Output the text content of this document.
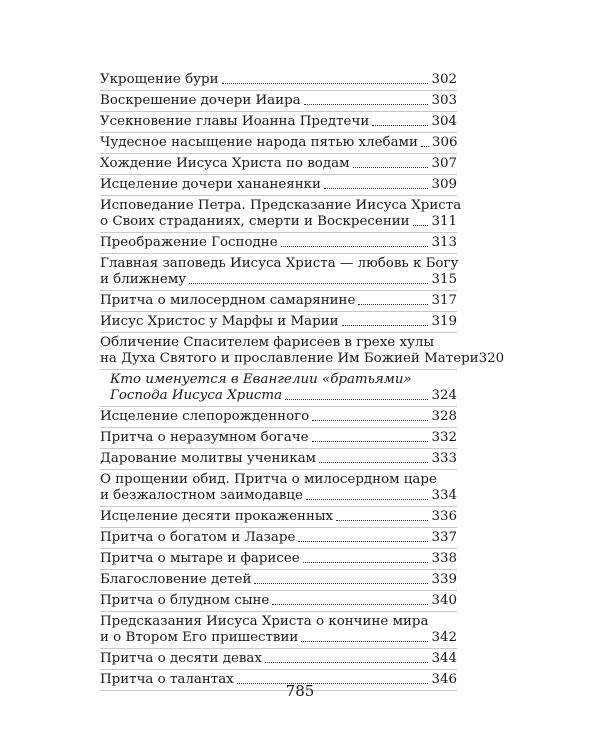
Укрощение бури	302
Воскрешение дочери Иаира	303
Усекновение главы Иоанна Предтечи	304
Чудесное насыщение народа пятью хлебами 306
Хождение Иисуса Христа по водам	307
Исцеление дочери хананеянки	309
Исповедание Петра. Предсказание Иисуса Христа
о Своих страданиях, смерти и Воскресении 311
Преображение Господне	313
Главная заповедь Иисуса Христа — любовь к Богу
и ближнему	315
Притча о милосердном самарянине	317
Иисус Христос у Марфы и Марии	319
Обличение Спасителем фарисеев в грехе хулы
на Духа Святого и прославление Им Божией Матери 320
Кто именуется в Евангелии «братьями»
Господа Иисуса Христа	324
Исцеление слепорожденного	328
Притча о неразумном богаче	332
Дарование молитвы ученикам	333
О прощении обид. Притча о милосердном царе
и безжалостном заимодавце	334
Исцеление десяти прокаженных	336
Притча о богатом и Лазаре	337
Притча о мытаре и фарисее	338
Благословение детей	339
Притча о блудном сыне	340
Предсказания Иисуса Христа о кончине мира
и о Втором Его пришествии	342
Притча о десяти девах	344
Притча о талантах	346
785
